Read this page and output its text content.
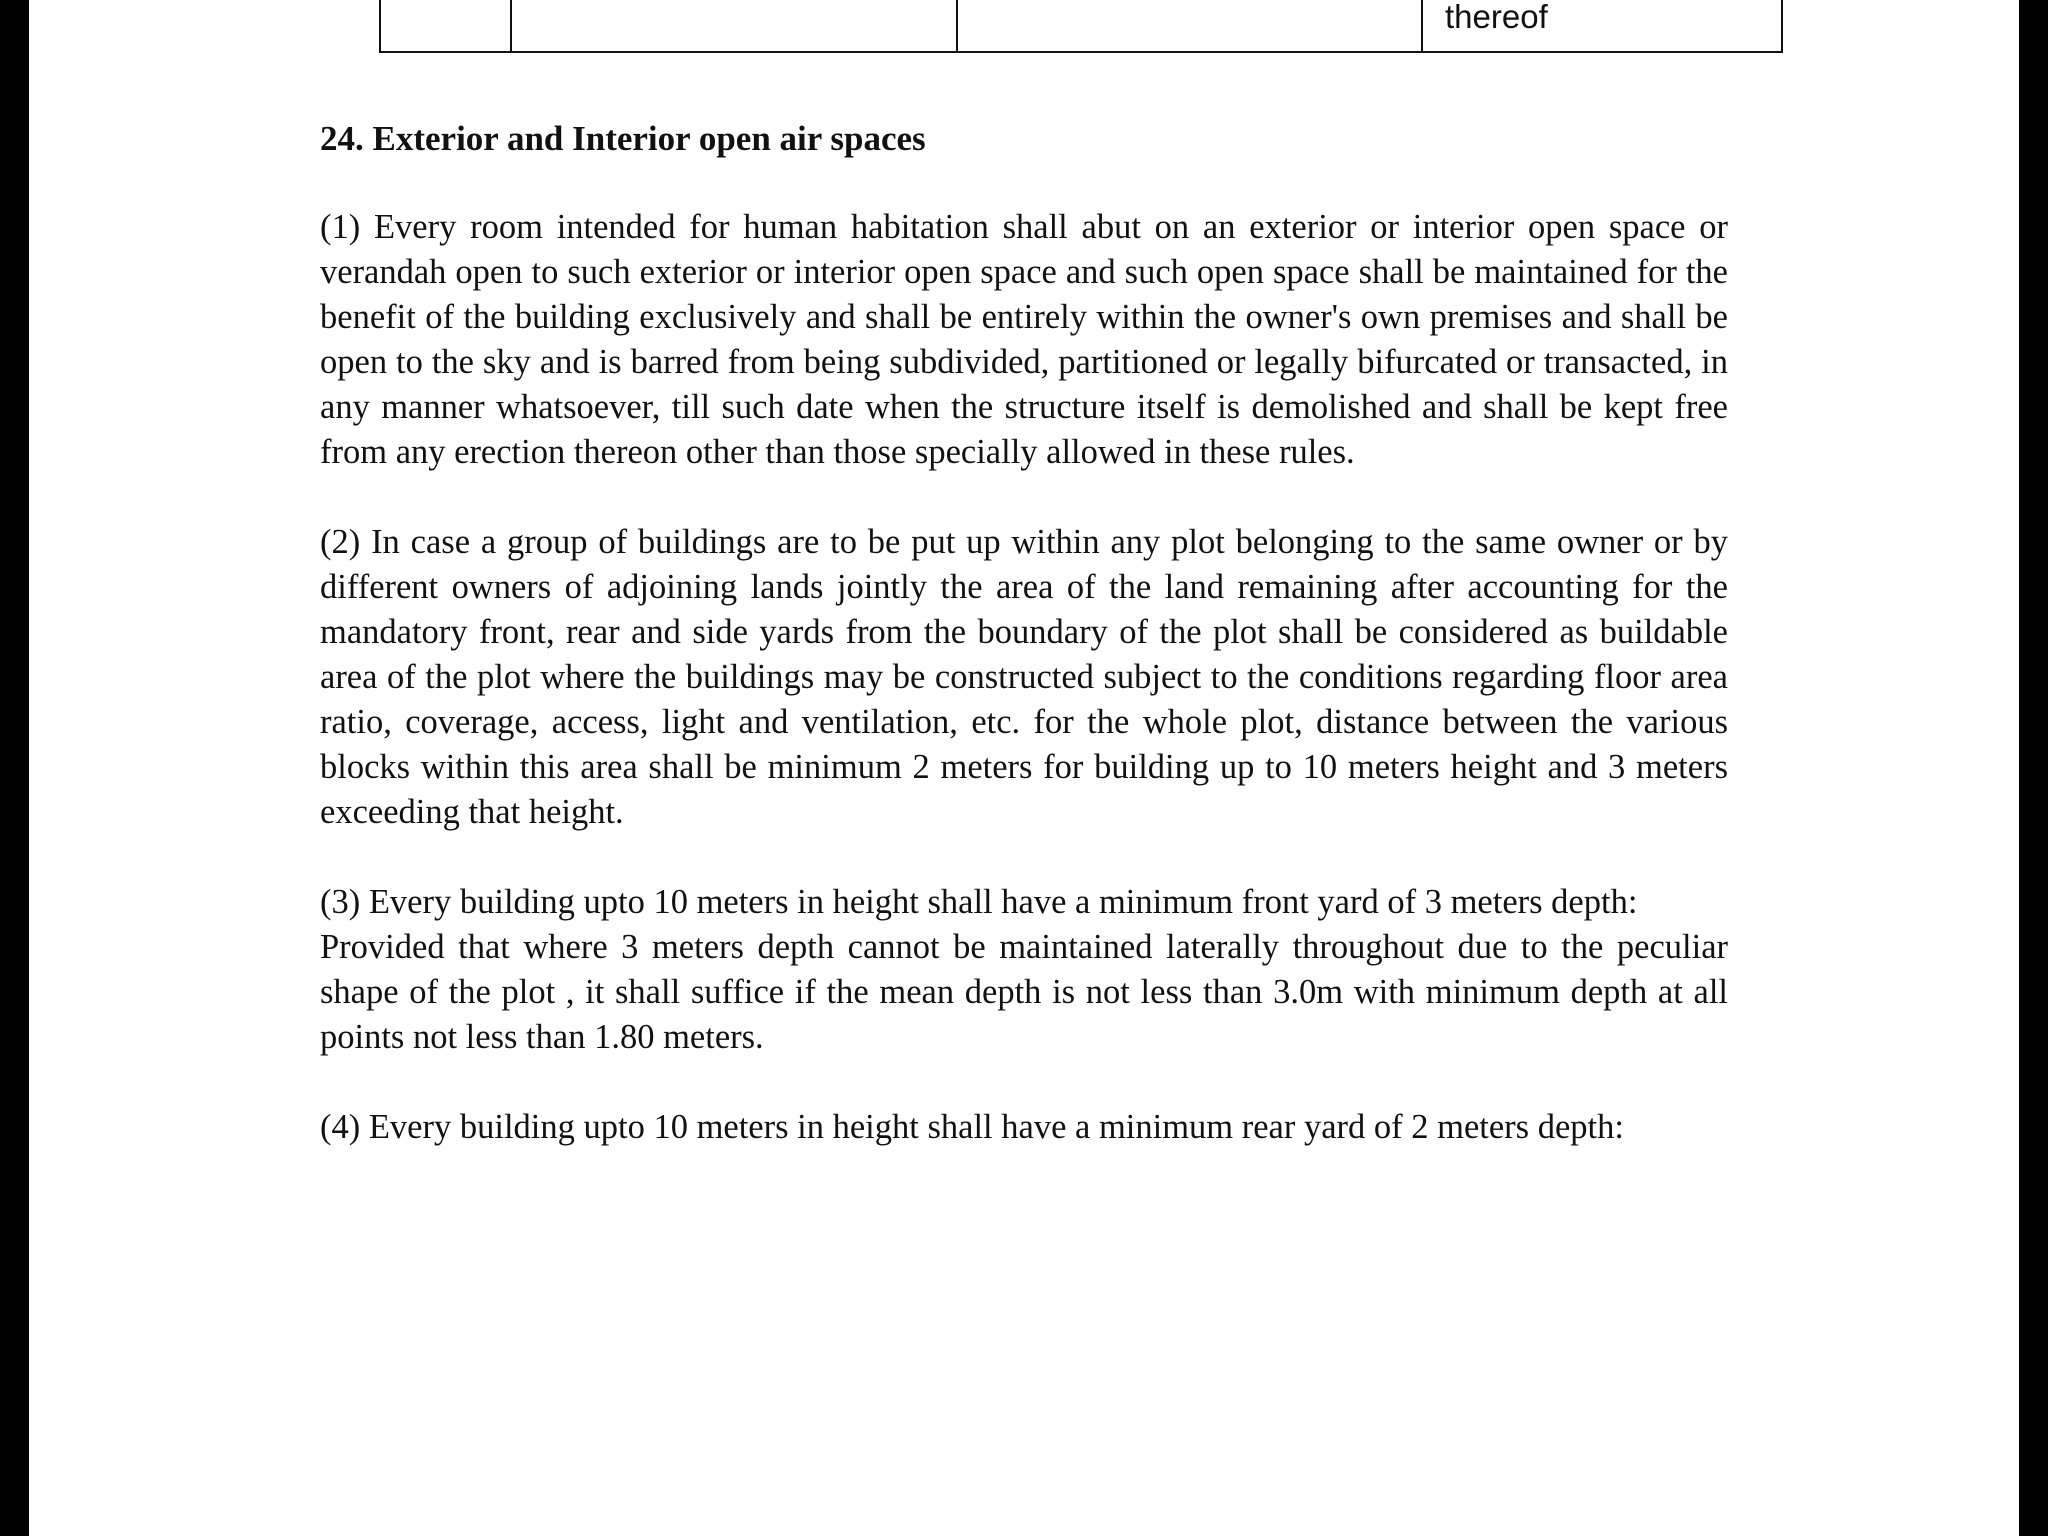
thereof
24. Exterior and Interior open air spaces

(1) Every room intended for human habitation shall abut on an exterior or interior open space or verandah open to such exterior or interior open space and such open space shall be maintained for the benefit of the building exclusively and shall be entirely within the owner's own premises and shall be open to the sky and is barred from being subdivided, partitioned or legally bifurcated or transacted, in any manner whatsoever, till such date when the structure itself is demolished and shall be kept free from any erection thereon other than those specially allowed in these rules.

(2) In case a group of buildings are to be put up within any plot belonging to the same owner or by different owners of adjoining lands jointly the area of the land remaining after accounting for the mandatory front, rear and side yards from the boundary of the plot shall be considered as buildable area of the plot where the buildings may be constructed subject to the conditions regarding floor area ratio, coverage, access, light and ventilation, etc. for the whole plot, distance between the various blocks within this area shall be minimum 2 meters for building up to 10 meters height and 3 meters exceeding that height.

(3) Every building upto 10 meters in height shall have a minimum front yard of 3 meters depth:

Provided that where 3 meters depth cannot be maintained laterally throughout due to the peculiar shape of the plot , it shall suffice if the mean depth is not less than 3.0m with minimum depth at all points not less than 1.80 meters.

(4) Every building upto 10 meters in height shall have a minimum rear yard of 2 meters depth:
